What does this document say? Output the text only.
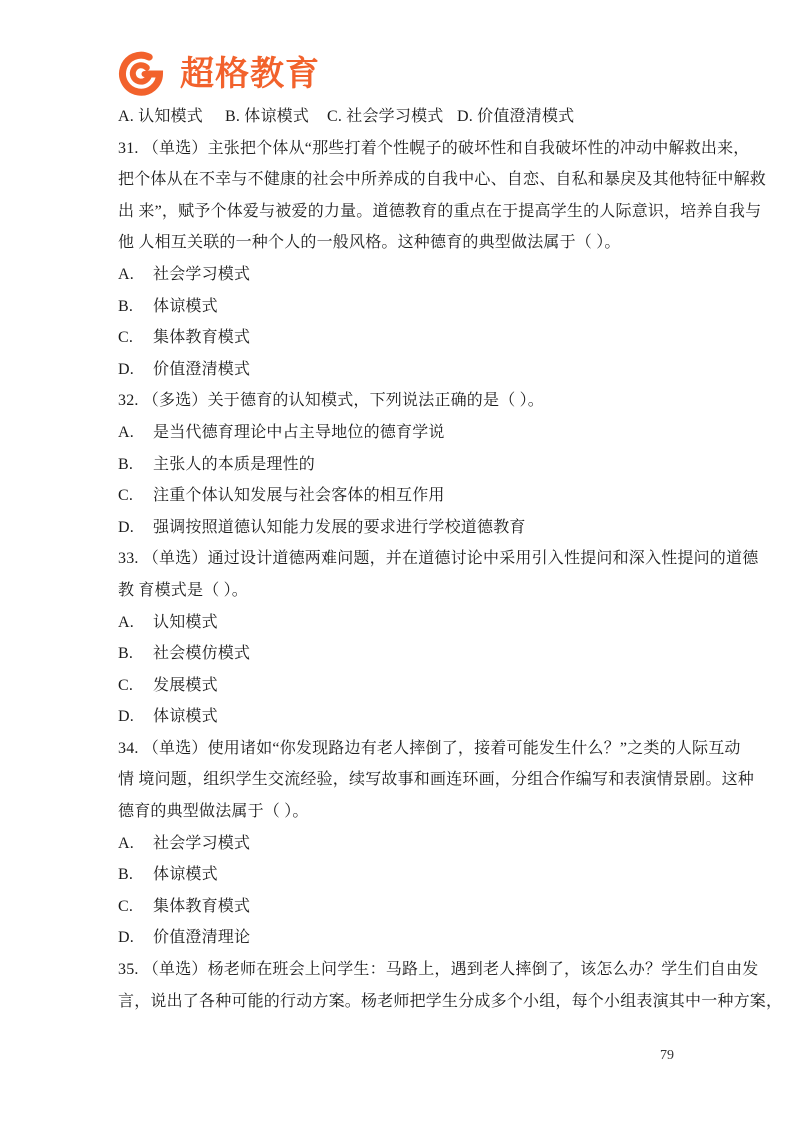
超格教育
A. 认知模式 B. 体谅模式 C. 社会学习模式 D. 价值澄清模式
31. （单选）主张把个体从“那些打着个性幌子的破坏性和自我破坏性的冲动中解救出来，
把个体从在不幸与不健康的社会中所养成的自我中心、自恋、自私和暴戾及其他特征中解救
出 来”，赋予个体爱与被爱的力量。道德教育的重点在于提高学生的人际意识，培养自我与
他 人相互关联的一种个人的一般风格。这种德育的典型做法属于（ ）。
A. 社会学习模式
B. 体谅模式
C. 集体教育模式
D. 价值澄清模式
32. （多选）关于德育的认知模式，下列说法正确的是（ ）。
A. 是当代德育理论中占主导地位的德育学说
B. 主张人的本质是理性的
C. 注重个体认知发展与社会客体的相互作用
D. 强调按照道德认知能力发展的要求进行学校道德教育
33. （单选）通过设计道德两难问题，并在道德讨论中采用引入性提问和深入性提问的道德
教 育模式是（ ）。
A. 认知模式
B. 社会模仿模式
C. 发展模式
D. 体谅模式
34. （单选）使用诸如“你发现路边有老人摔倒了，接着可能发生什么？”之类的人际互动
情 境问题，组织学生交流经验，续写故事和画连环画，分组合作编写和表演情景剧。这种
德育的典型做法属于（ ）。
A. 社会学习模式
B. 体谅模式
C. 集体教育模式
D. 价值澄清理论
35. （单选）杨老师在班会上问学生：马路上，遇到老人摔倒了，该怎么办？学生们自由发
言，说出了各种可能的行动方案。杨老师把学生分成多个小组，每个小组表演其中一种方案，
79
